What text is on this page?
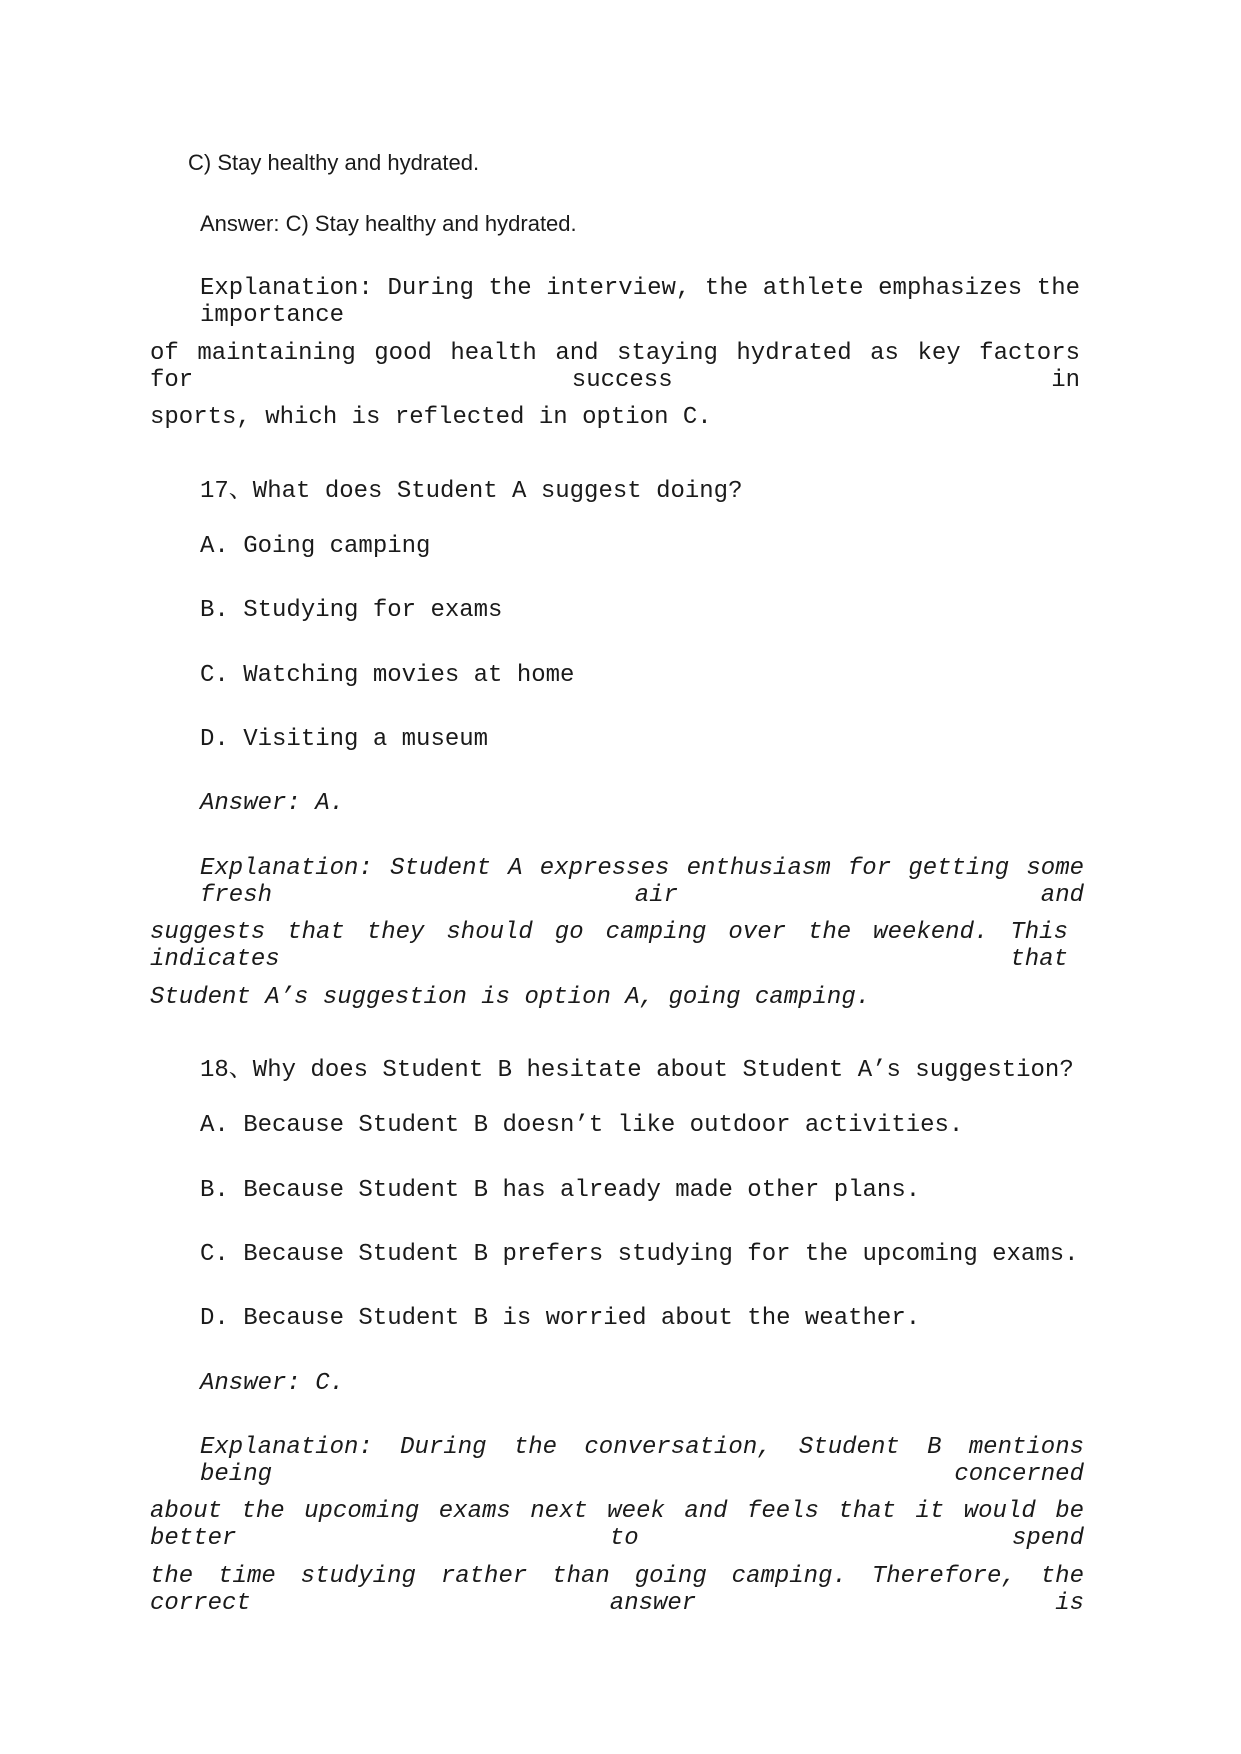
C) Stay healthy and hydrated.

Answer: C) Stay healthy and hydrated.

Explanation: During the interview, the athlete emphasizes the importance

of maintaining good health and staying hydrated as key factors for success in

sports, which is reflected in option C.

17、What does Student A suggest doing?

A. Going camping

B. Studying for exams

C. Watching movies at home

D. Visiting a museum

Answer: A.

Explanation: Student A expresses enthusiasm for getting some fresh air and

suggests that they should go camping over the weekend. This indicates that

Student A’s suggestion is option A, going camping.

18、Why does Student B hesitate about Student A’s suggestion?

A. Because Student B doesn’t like outdoor activities.

B. Because Student B has already made other plans.

C. Because Student B prefers studying for the upcoming exams.

D. Because Student B is worried about the weather.

Answer: C.

Explanation: During the conversation, Student B mentions being concerned

about the upcoming exams next week and feels that it would be better to spend

the time studying rather than going camping. Therefore, the correct answer is
